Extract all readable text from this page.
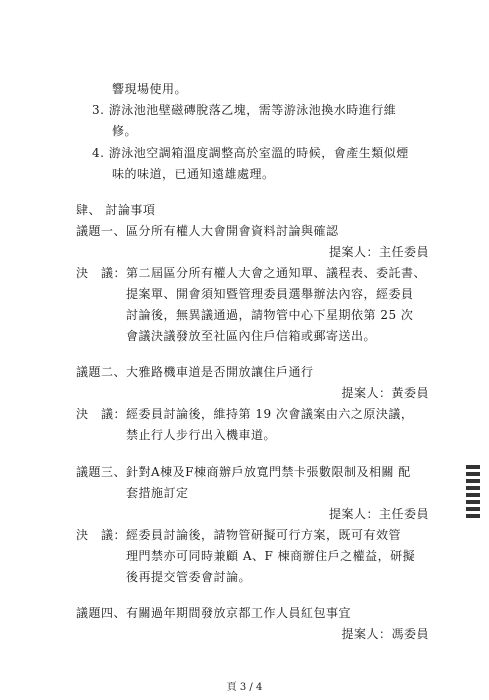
響現場使用。
3. 游泳池池壁磁磚脫落乙塊，需等游泳池換水時進行維
修。
4. 游泳池空調箱溫度調整高於室溫的時候，會產生類似煙
味的味道，已通知遠雄處理。
肆、 討論事項
議題一、區分所有權人大會開會資料討論與確認
提案人：主任委員
決　議： 第二屆區分所有權人大會之通知單、議程表、委託書、
提案單、開會須知暨管理委員選舉辦法內容，經委員
討論後，無異議通過，請物管中心下星期依第 25 次
會議決議發放至社區內住戶信箱或郵寄送出。
議題二、大雅路機車道是否開放讓住戶通行
提案人：黃委員
決　議： 經委員討論後，維持第 19 次會議案由六之原決議，
禁止行人步行出入機車道。
議題三、針對A棟及F棟商辦戶放寬門禁卡張數限制及相關 配
套措施訂定
提案人：主任委員
決　議： 經委員討論後，請物管研擬可行方案，既可有效管
理門禁亦可同時兼顧 A、F 棟商辦住戶之權益，研擬
後再提交管委會討論。
議題四、有關過年期間發放京都工作人員紅包事宜
提案人：馮委員
頁 3 / 4
